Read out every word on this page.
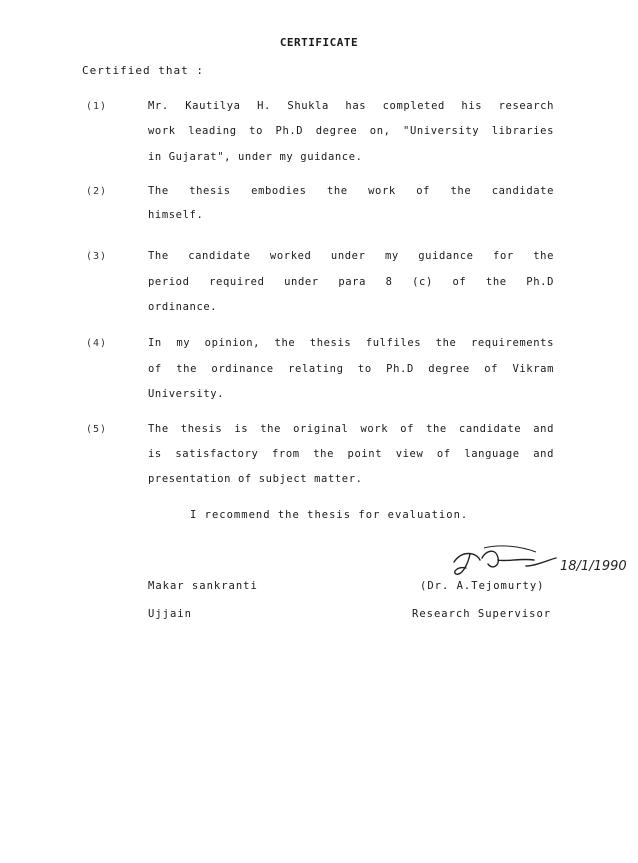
CERTIFICATE
Certified that :
(1)	Mr. Kautilya H. Shukla has completed his research
work leading to Ph.D degree on, "University libraries
in Gujarat", under my guidance.
(2)	The thesis embodies the work of the candidate
himself.
(3)	The candidate worked under my guidance for the
period required under para 8 (c) of the Ph.D
ordinance.
(4)	In my opinion, the thesis fulfiles the requirements
of the ordinance relating to Ph.D degree of Vikram
University.
(5)	The thesis is the original work of the candidate and
is satisfactory from the point view of language and
presentation of subject matter.
I recommend the thesis for evaluation.
Makar sankranti
Ujjain
18/1/1990
(Dr. A.Tejomurty)
Research Supervisor
